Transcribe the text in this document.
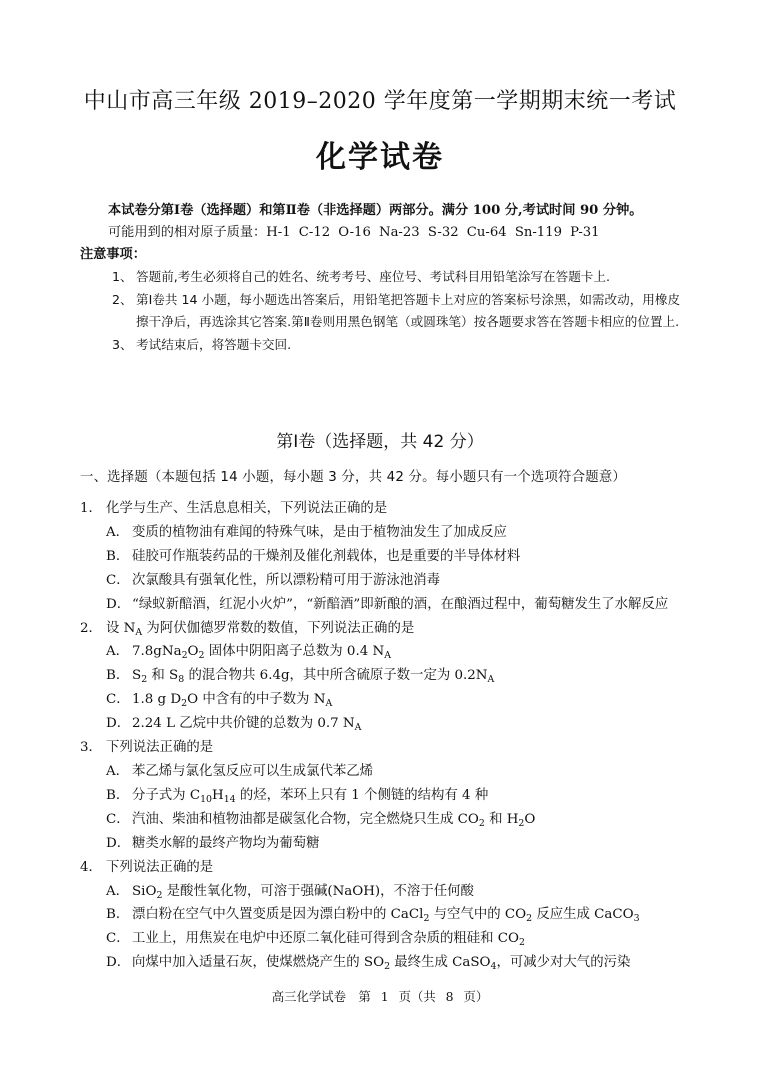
中山市高三年级 2019–2020 学年度第一学期期末统一考试
化学试卷
本试卷分第Ⅰ卷（选择题）和第Ⅱ卷（非选择题）两部分。满分 100 分,考试时间 90 分钟。
可能用到的相对原子质量：H-1 C-12 O-16 Na-23 S-32 Cu-64 Sn-119 P-31
注意事项：
1、 答题前,考生必须将自己的姓名、统考考号、座位号、考试科目用铅笔涂写在答题卡上.
2、 第Ⅰ卷共 14 小题，每小题选出答案后，用铅笔把答题卡上对应的答案标号涂黑，如需改动，用橡皮擦干净后，再选涂其它答案.第Ⅱ卷则用黑色钢笔（或圆珠笔）按各题要求答在答题卡相应的位置上.
3、 考试结束后，将答题卡交回.
第Ⅰ卷（选择题，共 42 分）
一、选择题（本题包括 14 小题，每小题 3 分，共 42 分。每小题只有一个选项符合题意）
1． 化学与生产、生活息息相关，下列说法正确的是
A． 变质的植物油有难闻的特殊气味，是由于植物油发生了加成反应
B． 硅胶可作瓶装药品的干燥剂及催化剂载体，也是重要的半导体材料
C． 次氯酸具有强氧化性，所以漂粉精可用于游泳池消毒
D． “绿蚁新醅酒，红泥小火炉”，“新醅酒”即新酿的酒，在酿酒过程中，葡萄糖发生了水解反应
2． 设 $N_A$ 为阿伏伽德罗常数的数值，下列说法正确的是
A． $7.8gNa_2O_2$ 固体中阴阳离子总数为 0.4 $N_A$
B． $S_2$ 和 $S_8$ 的混合物共 6.4g，其中所含硫原子数一定为 $0.2N_A$
C． 1.8 g $D_2O$ 中含有的中子数为 $N_A$
D． 2.24 L 乙烷中共价键的总数为 0.7 $N_A$
3． 下列说法正确的是
A． 苯乙烯与氯化氢反应可以生成氯代苯乙烯
B． 分子式为 $C_{10}H_{14}$ 的烃，苯环上只有 1 个侧链的结构有 4 种
C． 汽油、柴油和植物油都是碳氢化合物，完全燃烧只生成 $CO_2$ 和 $H_2O$
D． 糖类水解的最终产物均为葡萄糖
4． 下列说法正确的是
A． SiO$_2$ 是酸性氧化物，可溶于强碱(NaOH)，不溶于任何酸
B． 漂白粉在空气中久置变质是因为漂白粉中的 CaCl$_2$ 与空气中的 $CO_2$ 反应生成 CaCO$_3$
C． 工业上，用焦炭在电炉中还原二氧化硅可得到含杂质的粗硅和 $CO_2$
D． 向煤中加入适量石灰，使煤燃烧产生的 $SO_2$ 最终生成 CaSO$_4$，可减少对大气的污染
高三化学试卷　第 1 页（共 8 页）
